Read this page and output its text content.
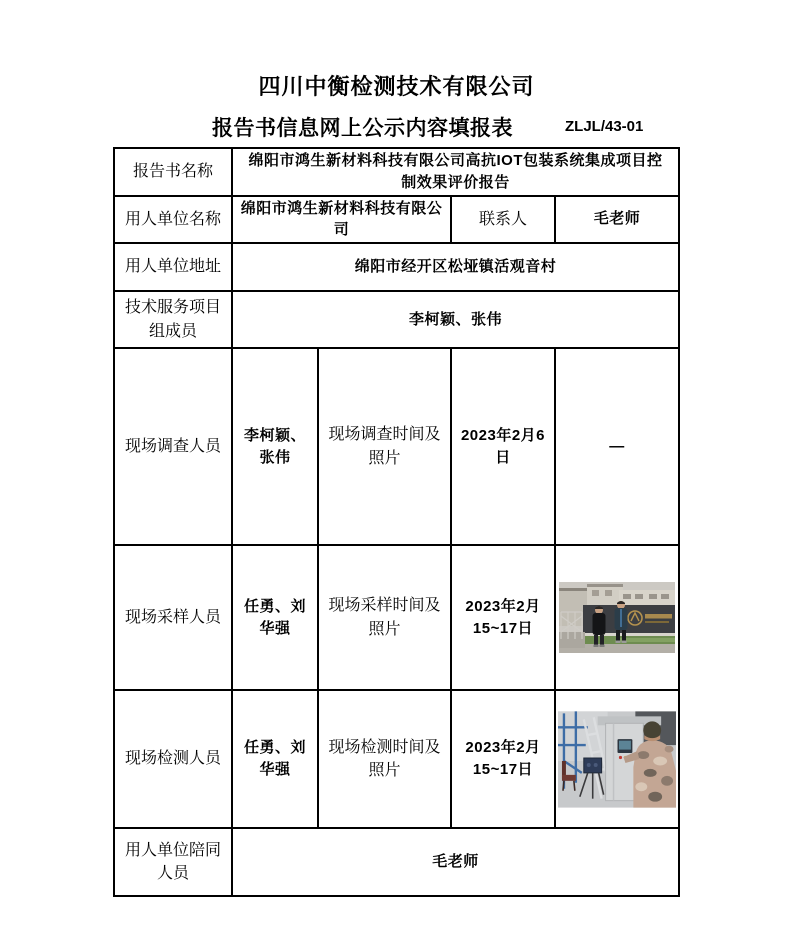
四川中衡检测技术有限公司
报告书信息网上公示内容填报表	ZLJL/43-01
报告书名称	绵阳市鸿生新材料科技有限公司高抗IOT包装系统集成项目控
制效果评价报告			
用人单位名称	绵阳市鸿生新材料科技有限公司		联系人	毛老师
用人单位地址	绵阳市经开区松垭镇活观音村			
技术服务项目
组成员	李柯颖、张伟			
现场调查人员	李柯颖、
张伟	现场调查时间及
照片	2023年2月6
日	—
现场采样人员	任勇、刘
华强	现场采样时间及
照片	2023年2月
15~17日	

现场检测人员	任勇、刘
华强	现场检测时间及
照片	2023年2月
15~17日	

用人单位陪同
人员	毛老师			
